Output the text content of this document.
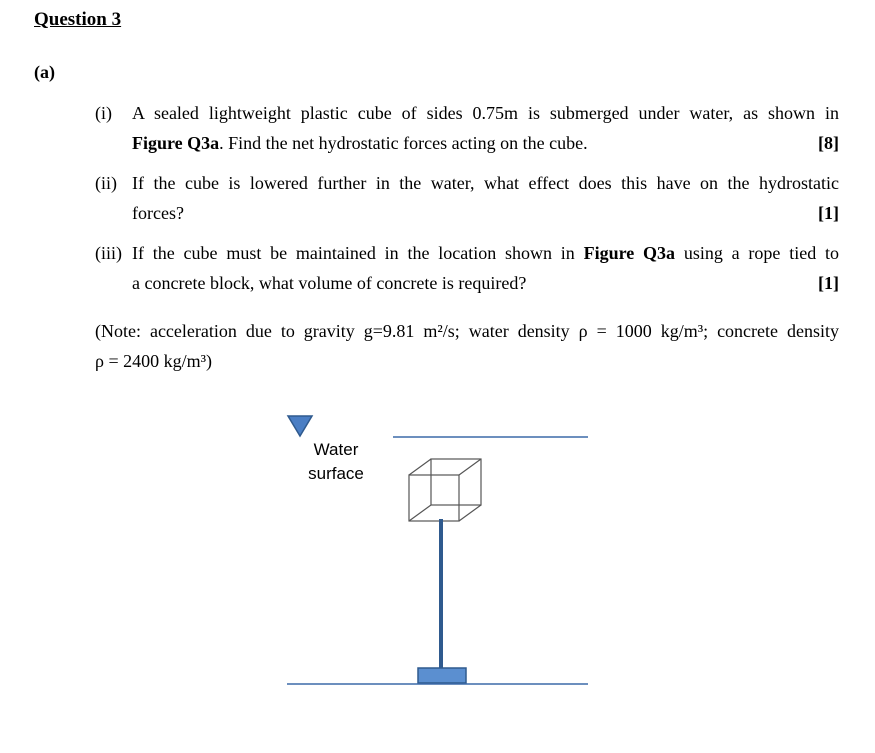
Question 3
(a)
(i) A sealed lightweight plastic cube of sides 0.75m is submerged under water, as shown in
Figure Q3a. Find the net hydrostatic forces acting on the cube.	[8]
(ii) If the cube is lowered further in the water, what effect does this have on the hydrostatic
forces?	[1]
(iii) If the cube must be maintained in the location shown in Figure Q3a using a rope tied to
a concrete block, what volume of concrete is required?	[1]
(Note: acceleration due to gravity g=9.81 m²/s; water density ρ = 1000 kg/m³; concrete density
ρ = 2400 kg/m³)
Water
surface
